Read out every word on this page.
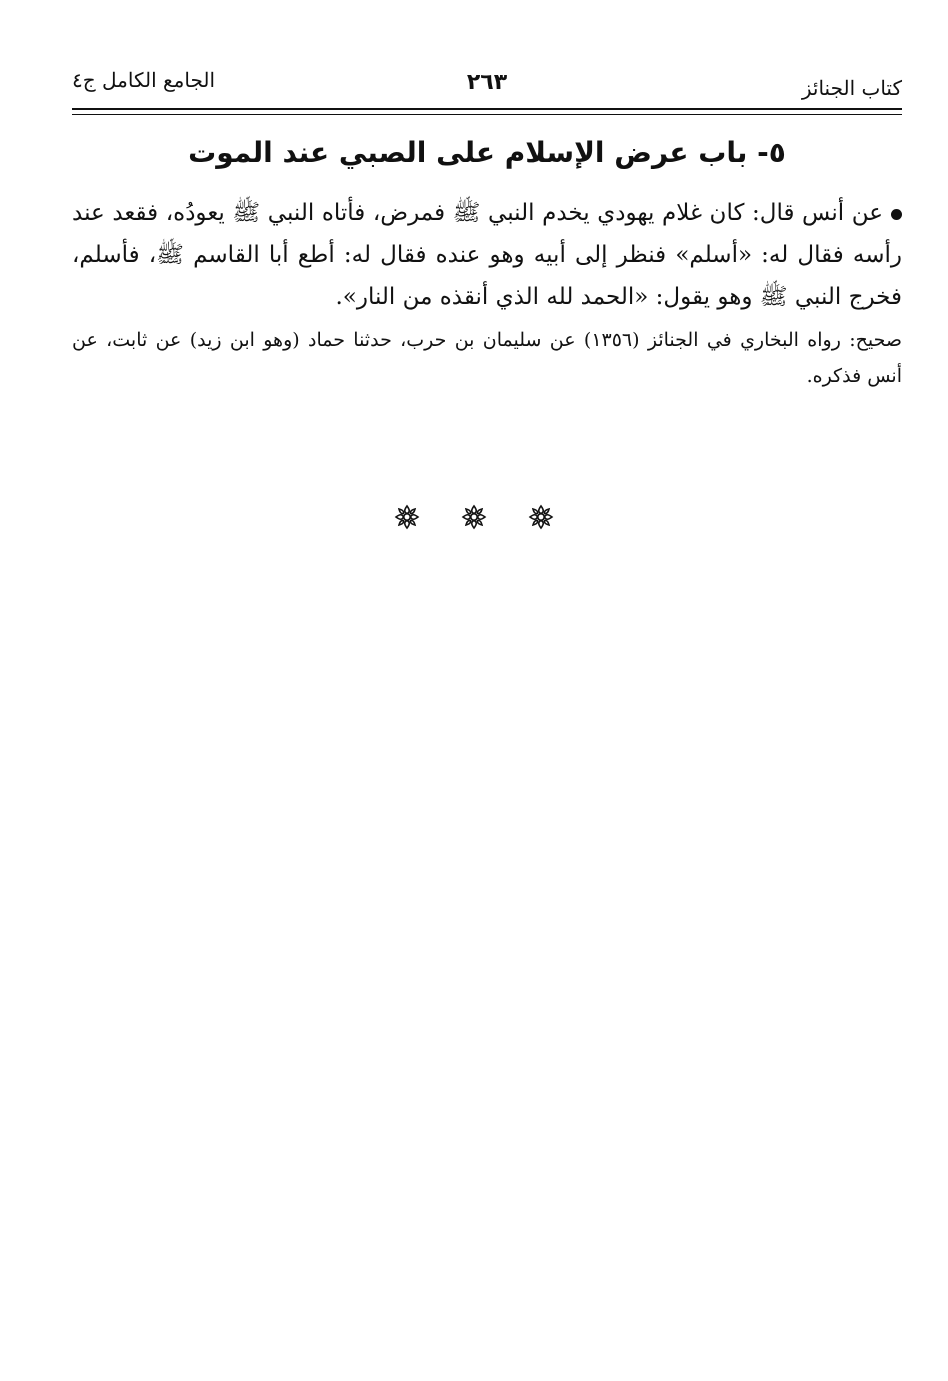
كتاب الجنائز
٢٦٣
الجامع الكامل ج٤
٥- باب عرض الإسلام على الصبي عند الموت
عن أنس قال: كان غلام يهودي يخدم النبي ﷺ فمرض، فأتاه النبي ﷺ يعودُه، فقعد عند رأسه فقال له: «أسلم» فنظر إلى أبيه وهو عنده فقال له: أطع أبا القاسم ﷺ، فأسلم، فخرج النبي ﷺ وهو يقول: «الحمد لله الذي أنقذه من النار».
صحيح: رواه البخاري في الجنائز (١٣٥٦) عن سليمان بن حرب، حدثنا حماد (وهو ابن زيد) عن ثابت، عن أنس فذكره.
